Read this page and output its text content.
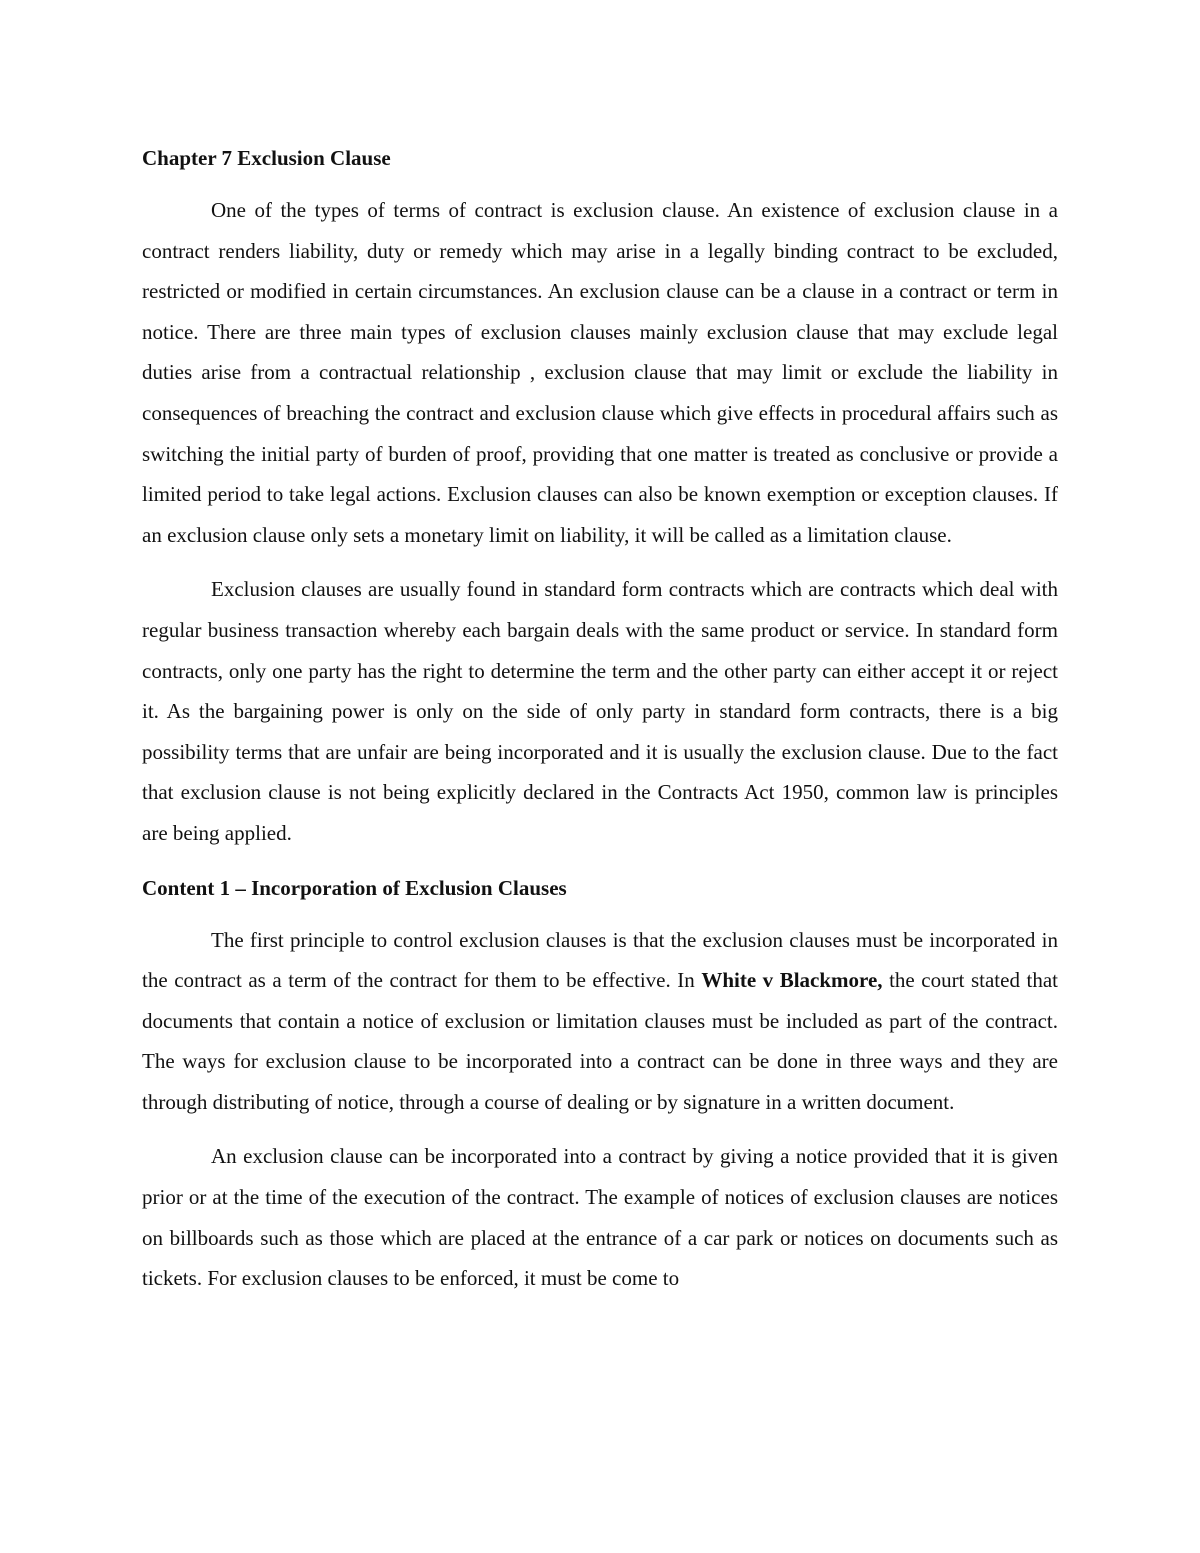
Chapter 7 Exclusion Clause

One of the types of terms of contract is exclusion clause. An existence of exclusion clause in a contract renders liability, duty or remedy which may arise in a legally binding contract to be excluded, restricted or modified in certain circumstances. An exclusion clause can be a clause in a contract or term in notice. There are three main types of exclusion clauses mainly exclusion clause that may exclude legal duties arise from a contractual relationship , exclusion clause that may limit or exclude the liability in consequences of breaching the contract and exclusion clause which give effects in procedural affairs such as switching the initial party of burden of proof, providing that one matter is treated as conclusive or provide a limited period to take legal actions. Exclusion clauses can also be known exemption or exception clauses. If an exclusion clause only sets a monetary limit on liability, it will be called as a limitation clause.

Exclusion clauses are usually found in standard form contracts which are contracts which deal with regular business transaction whereby each bargain deals with the same product or service. In standard form contracts, only one party has the right to determine the term and the other party can either accept it or reject it. As the bargaining power is only on the side of only party in standard form contracts, there is a big possibility terms that are unfair are being incorporated and it is usually the exclusion clause. Due to the fact that exclusion clause is not being explicitly declared in the Contracts Act 1950, common law is principles are being applied.

Content 1 – Incorporation of Exclusion Clauses

The first principle to control exclusion clauses is that the exclusion clauses must be incorporated in the contract as a term of the contract for them to be effective. In White v Blackmore, the court stated that documents that contain a notice of exclusion or limitation clauses must be included as part of the contract. The ways for exclusion clause to be incorporated into a contract can be done in three ways and they are through distributing of notice, through a course of dealing or by signature in a written document.

An exclusion clause can be incorporated into a contract by giving a notice provided that it is given prior or at the time of the execution of the contract. The example of notices of exclusion clauses are notices on billboards such as those which are placed at the entrance of a car park or notices on documents such as tickets. For exclusion clauses to be enforced, it must be come to
